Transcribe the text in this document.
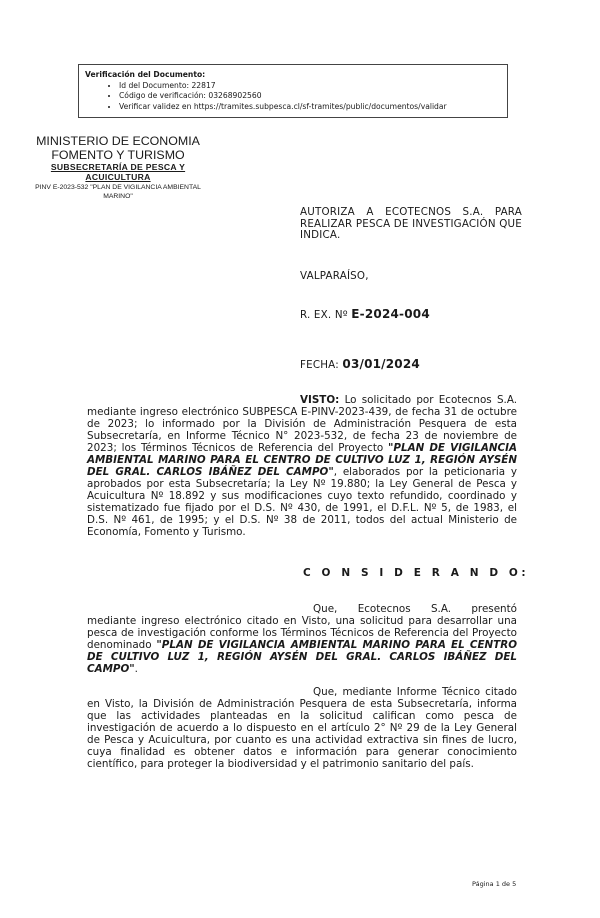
Verificación del Documento:
• Id del Documento: 22817
• Código de verificación: 03268902560
• Verificar validez en https://tramites.subpesca.cl/sf-tramites/public/documentos/validar
MINISTERIO DE ECONOMIA
FOMENTO Y TURISMO
SUBSECRETARÍA DE PESCA Y ACUICULTURA
PINV E-2023-532 "PLAN DE VIGILANCIA AMBIENTAL MARINO"
AUTORIZA A ECOTECNOS S.A. PARA REALIZAR PESCA DE INVESTIGACIÓN QUE INDICA.
VALPARAÍSO,
R. EX. Nº E-2024-004
FECHA: 03/01/2024
VISTO: Lo solicitado por Ecotecnos S.A. mediante ingreso electrónico SUBPESCA E-PINV-2023-439, de fecha 31 de octubre de 2023; lo informado por la División de Administración Pesquera de esta Subsecretaría, en Informe Técnico N° 2023-532, de fecha 23 de noviembre de 2023; los Términos Técnicos de Referencia del Proyecto "PLAN DE VIGILANCIA AMBIENTAL MARINO PARA EL CENTRO DE CULTIVO LUZ 1, REGIÓN AYSÉN DEL GRAL. CARLOS IBÁÑEZ DEL CAMPO", elaborados por la peticionaria y aprobados por esta Subsecretaría; la Ley Nº 19.880; la Ley General de Pesca y Acuicultura Nº 18.892 y sus modificaciones cuyo texto refundido, coordinado y sistematizado fue fijado por el D.S. Nº 430, de 1991, el D.F.L. Nº 5, de 1983, el D.S. Nº 461, de 1995; y el D.S. Nº 38 de 2011, todos del actual Ministerio de Economía, Fomento y Turismo.
C O N S I D E R A N D O:
Que, Ecotecnos S.A. presentó mediante ingreso electrónico citado en Visto, una solicitud para desarrollar una pesca de investigación conforme los Términos Técnicos de Referencia del Proyecto denominado "PLAN DE VIGILANCIA AMBIENTAL MARINO PARA EL CENTRO DE CULTIVO LUZ 1, REGIÓN AYSÉN DEL GRAL. CARLOS IBÁÑEZ DEL CAMPO".
Que, mediante Informe Técnico citado en Visto, la División de Administración Pesquera de esta Subsecretaría, informa que las actividades planteadas en la solicitud califican como pesca de investigación de acuerdo a lo dispuesto en el artículo 2° Nº 29 de la Ley General de Pesca y Acuicultura, por cuanto es una actividad extractiva sin fines de lucro, cuya finalidad es obtener datos e información para generar conocimiento científico, para proteger la biodiversidad y el patrimonio sanitario del país.
Página 1 de 5
